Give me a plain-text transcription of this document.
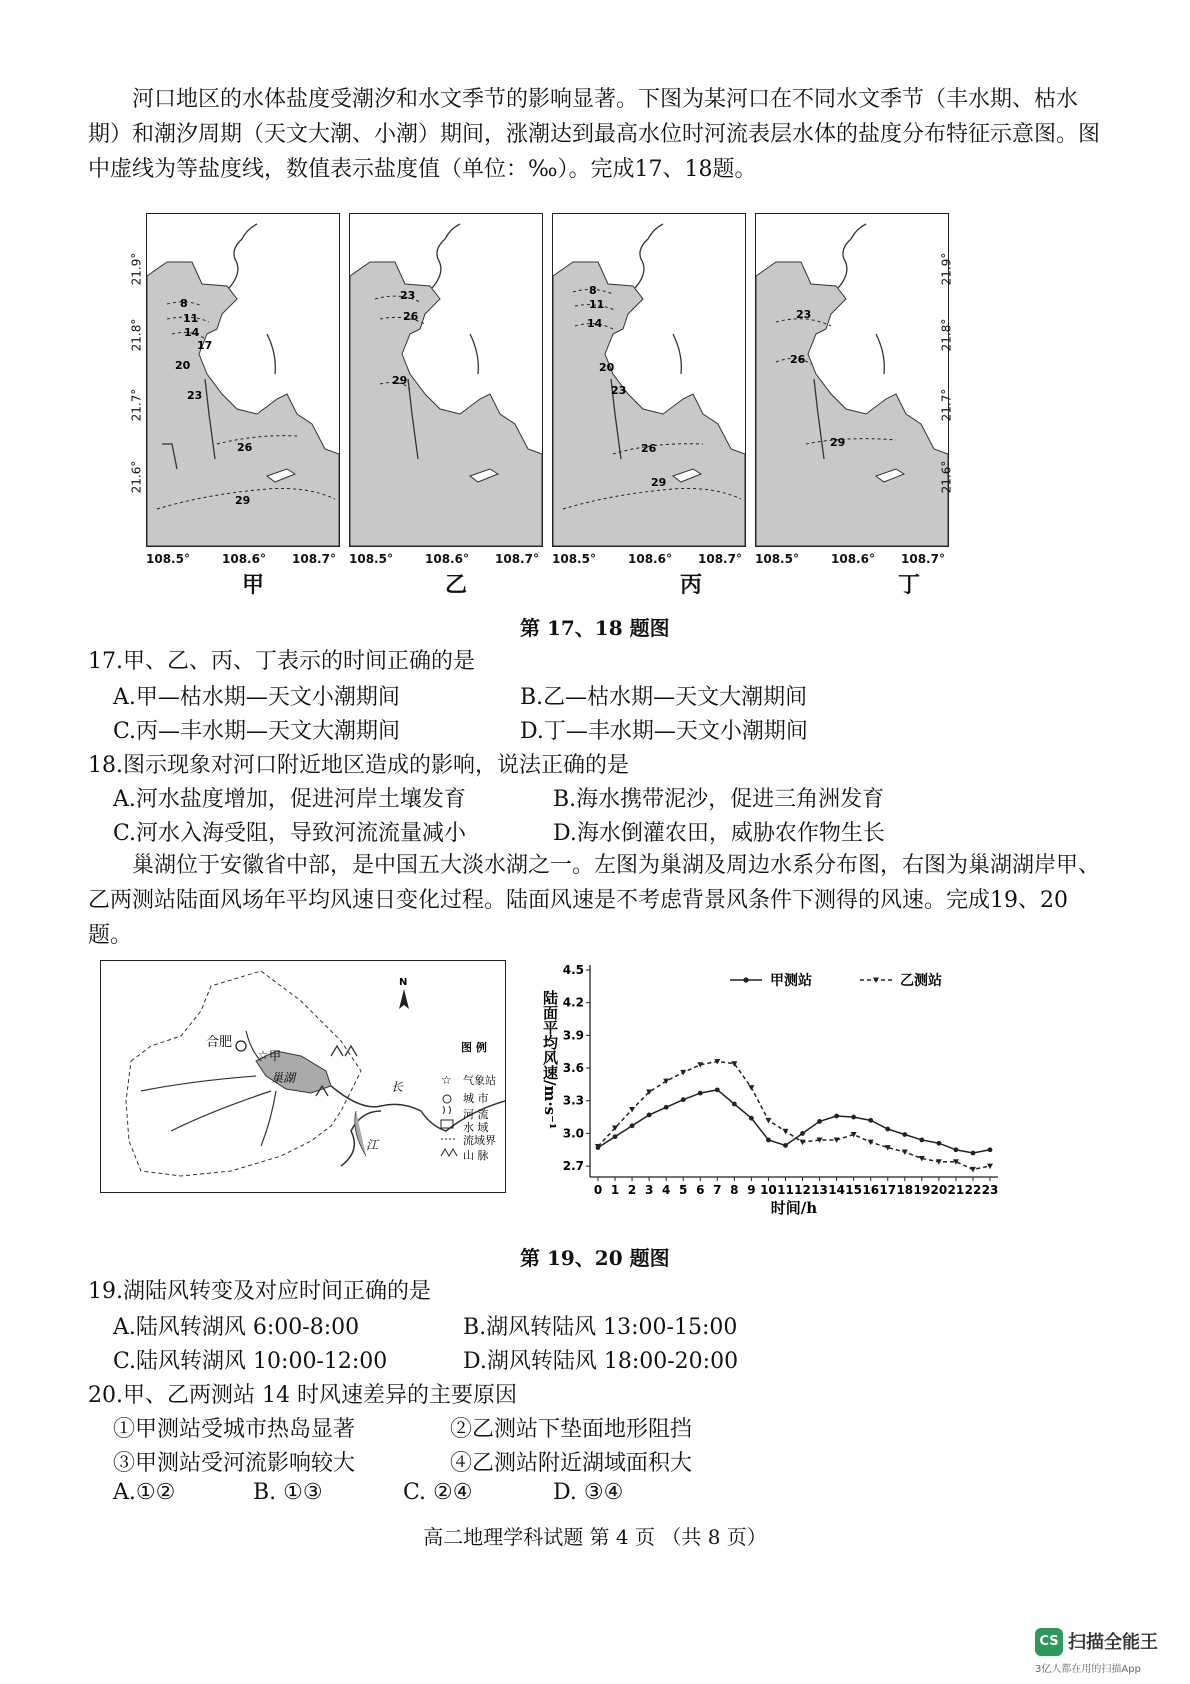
河口地区的水体盐度受潮汐和水文季节的影响显著。下图为某河口在不同水文季节（丰水期、枯水期）和潮汐周期（天文大潮、小潮）期间，涨潮达到最高水位时河流表层水体的盐度分布特征示意图。图中虚线为等盐度线，数值表示盐度值（单位：‰）。完成17、18题。
8
11
14
17
20
23
26
29
23
26
29
8
11
14
20
23
26
29
23
26
29
21.9°
21.8°
21.7°
21.6°
21.9°
21.8°
21.7°
21.6°
108.5°	108.6° 108.7° 108.5°	108.6° 108.7° 108.5°	108.6° 108.7° 108.5°	108.6° 108.7°
甲	乙	丙	丁
第 17、18 题图
17.甲、乙、丙、丁表示的时间正确的是
A.甲—枯水期—天文小潮期间	B.乙—枯水期—天文大潮期间
C.丙—丰水期—天文大潮期间	D.丁—丰水期—天文小潮期间
18.图示现象对河口附近地区造成的影响，说法正确的是
A.河水盐度增加，促进河岸土壤发育	B.海水携带泥沙，促进三角洲发育
C.河水入海受阻，导致河流流量减小	D.海水倒灌农田，威胁农作物生长
巢湖位于安徽省中部，是中国五大淡水湖之一。左图为巢湖及周边水系分布图，右图为巢湖湖岸甲、乙两测站陆面风场年平均风速日变化过程。陆面风速是不考虑背景风条件下测得的风速。完成19、20题。
☆
合肥
甲
巢湖
长
江
N
图 例
☆ 气象站
城 市
河 流
水 域
流域界
山 脉
2.7
3.0
3.3
3.6
3.9
4.2
4.5
0 1 2 3 4 5 6 7 8 9 10 11 12 13 14 15 16 17 18 19 20 21 22 23
时间/h
陆面平均风速/m·s⁻¹
甲测站	乙测站
第 19、20 题图
19.湖陆风转变及对应时间正确的是
A.陆风转湖风 6:00-8:00	B.湖风转陆风 13:00-15:00
C.陆风转湖风 10:00-12:00	D.湖风转陆风 18:00-20:00
20.甲、乙两测站 14 时风速差异的主要原因
①甲测站受城市热岛显著	②乙测站下垫面地形阻挡
③甲测站受河流影响较大	④乙测站附近湖域面积大
A.①②	B. ①③	C. ②④	D. ③④
高二地理学科试题 第 4 页 （共 8 页）
CS 扫描全能王
3亿人都在用的扫描App
